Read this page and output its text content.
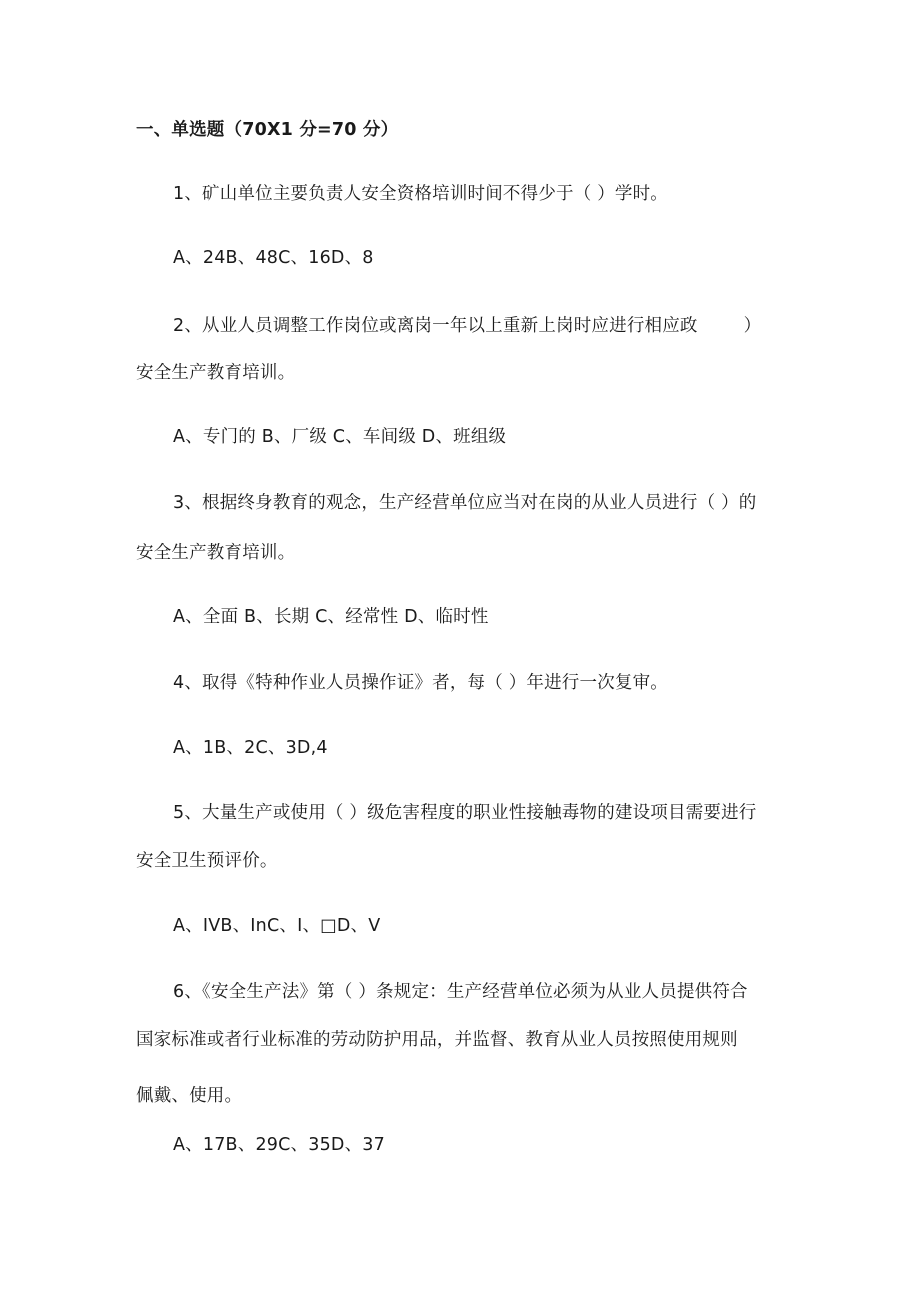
一、单选题（70X1 分=70 分）
1、矿山单位主要负责人安全资格培训时间不得少于（ ）学时。
A、24B、48C、16D、8
2、从业人员调整工作岗位或离岗一年以上重新上岗时应进行相应政	）
安全生产教育培训。
A、专门的 B、厂级 C、车间级 D、班组级
3、根据终身教育的观念，生产经营单位应当对在岗的从业人员进行（ ）的
安全生产教育培训。
A、全面 B、长期 C、经常性 D、临时性
4、取得《特种作业人员操作证》者，每（ ）年进行一次复审。
A、1B、2C、3D,4
5、大量生产或使用（ ）级危害程度的职业性接触毒物的建设项目需要进行
安全卫生预评价。
A、IVB、InC、I、□D、V
6、《安全生产法》第（ ）条规定：生产经营单位必须为从业人员提供符合
国家标准或者行业标准的劳动防护用品，并监督、教育从业人员按照使用规则
佩戴、使用。
A、17B、29C、35D、37
